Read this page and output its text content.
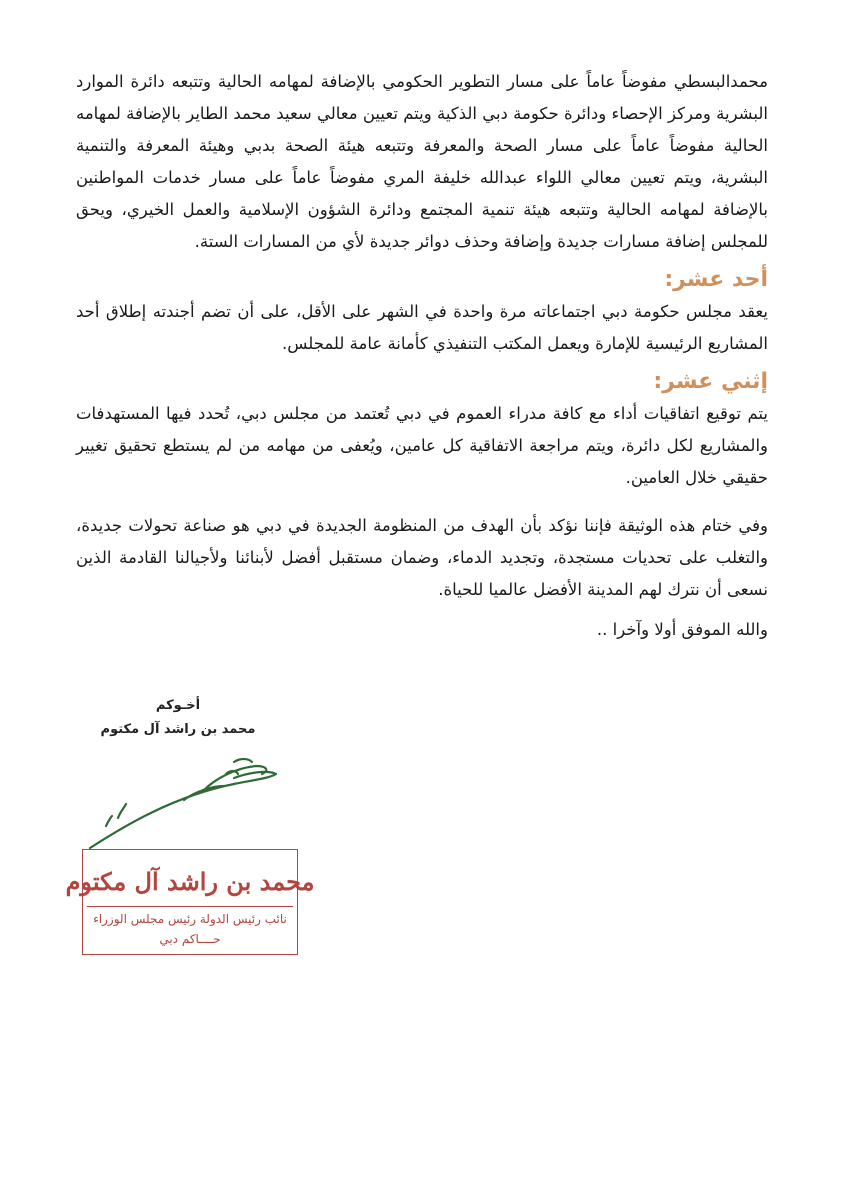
محمدالبسطي مفوضاً عاماً على مسار التطوير الحكومي بالإضافة لمهامه الحالية وتتبعه دائرة الموارد البشرية ومركز الإحصاء ودائرة حكومة دبي الذكية ويتم تعيين معالي سعيد محمد الطاير بالإضافة لمهامه الحالية مفوضاً عاماً على مسار الصحة والمعرفة وتتبعه هيئة الصحة بدبي وهيئة المعرفة والتنمية البشرية، ويتم تعيين معالي اللواء عبدالله خليفة المري مفوضاً عاماً على مسار خدمات المواطنين بالإضافة لمهامه الحالية وتتبعه هيئة تنمية المجتمع ودائرة الشؤون الإسلامية والعمل الخيري، ويحق للمجلس إضافة مسارات جديدة وإضافة وحذف دوائر جديدة لأي من المسارات الستة.

أحد عشر:

يعقد مجلس حكومة دبي اجتماعاته مرة واحدة في الشهر على الأقل، على أن تضم أجندته إطلاق أحد المشاريع الرئيسية للإمارة ويعمل المكتب التنفيذي كأمانة عامة للمجلس.

إثني عشر:

يتم توقيع اتفاقيات أداء مع كافة مدراء العموم في دبي تُعتمد من مجلس دبي، تُحدد فيها المستهدفات والمشاريع لكل دائرة، ويتم مراجعة الاتفاقية كل عامين، ويُعفى من مهامه من لم يستطع تحقيق تغيير حقيقي خلال العامين.

وفي ختام هذه الوثيقة فإننا نؤكد بأن الهدف من المنظومة الجديدة في دبي هو صناعة تحولات جديدة، والتغلب على تحديات مستجدة، وتجديد الدماء، وضمان مستقبل أفضل لأبنائنا ولأجيالنا القادمة الذين نسعى أن نترك لهم المدينة الأفضل عالميا للحياة.

والله الموفق أولا وآخرا ..

أخـوكم
محمد بن راشد آل مكتوم
محمد بن راشد آل مكتوم
نائب رئيس الدولة رئيس مجلس الوزراء
حــــاكم دبي
